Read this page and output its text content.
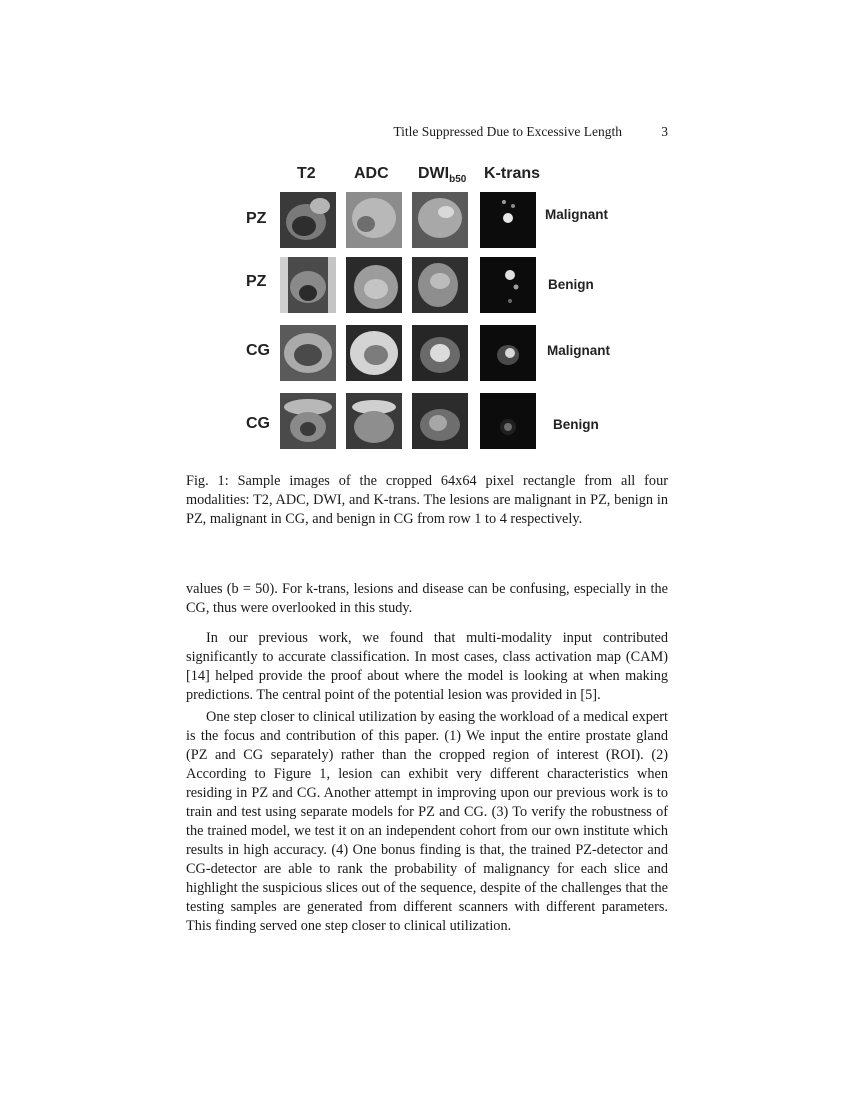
Title Suppressed Due to Excessive Length	3
T2 ADC $DWI_{b50}$ K-trans
PZ	Malignant
PZ	Benign
CG	Malignant
CG	Benign
Fig. 1: Sample images of the cropped 64x64 pixel rectangle from all four modalities: T2, ADC, DWI, and K-trans. The lesions are malignant in PZ, benign in PZ, malignant in CG, and benign in CG from row 1 to 4 respectively.

values (b = 50). For k-trans, lesions and disease can be confusing, especially in the CG, thus were overlooked in this study.

In our previous work, we found that multi-modality input contributed significantly to accurate classification. In most cases, class activation map (CAM) [14] helped provide the proof about where the model is looking at when making predictions. The central point of the potential lesion was provided in [5].

One step closer to clinical utilization by easing the workload of a medical expert is the focus and contribution of this paper. (1) We input the entire prostate gland (PZ and CG separately) rather than the cropped region of interest (ROI). (2) According to Figure 1, lesion can exhibit very different characteristics when residing in PZ and CG. Another attempt in improving upon our previous work is to train and test using separate models for PZ and CG. (3) To verify the robustness of the trained model, we test it on an independent cohort from our own institute which results in high accuracy. (4) One bonus finding is that, the trained PZ-detector and CG-detector are able to rank the probability of malignancy for each slice and highlight the suspicious slices out of the sequence, despite of the challenges that the testing samples are generated from different scanners with different parameters. This finding served one step closer to clinical utilization.
